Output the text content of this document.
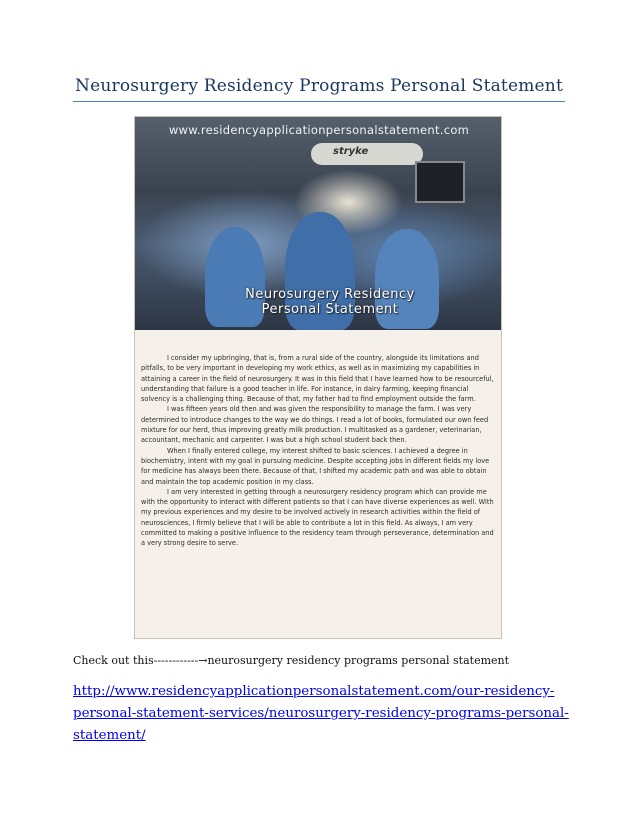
Neurosurgery Residency Programs Personal Statement
www.residencyapplicationpersonalstatement.com
stryke
Neurosurgery Residency
Personal Statement

I consider my upbringing, that is, from a rural side of the country, alongside its limitations and pitfalls, to be very important in developing my work ethics, as well as in maximizing my capabilities in attaining a career in the field of neurosurgery. It was in this field that I have learned how to be resourceful, understanding that failure is a good teacher in life. For instance, in dairy farming, keeping financial solvency is a challenging thing. Because of that, my father had to find employment outside the farm.

I was fifteen years old then and was given the responsibility to manage the farm. I was very determined to introduce changes to the way we do things. I read a lot of books, formulated our own feed mixture for our herd, thus improving greatly milk production. I multitasked as a gardener, veterinarian, accountant, mechanic and carpenter. I was but a high school student back then.

When I finally entered college, my interest shifted to basic sciences. I achieved a degree in biochemistry, intent with my goal in pursuing medicine. Despite accepting jobs in different fields my love for medicine has always been there. Because of that, I shifted my academic path and was able to obtain and maintain the top academic position in my class.

I am very interested in getting through a neurosurgery residency program which can provide me with the opportunity to interact with different patients so that I can have diverse experiences as well. With my previous experiences and my desire to be involved actively in research activities within the field of neurosciences, I firmly believe that I will be able to contribute a lot in this field. As always, I am very committed to making a positive influence to the residency team through perseverance, determination and a very strong desire to serve.

Check out this------------→neurosurgery residency programs personal statement
http://www.residencyapplicationpersonalstatement.com/our-residency-personal-statement-services/neurosurgery-residency-programs-personal-statement/
